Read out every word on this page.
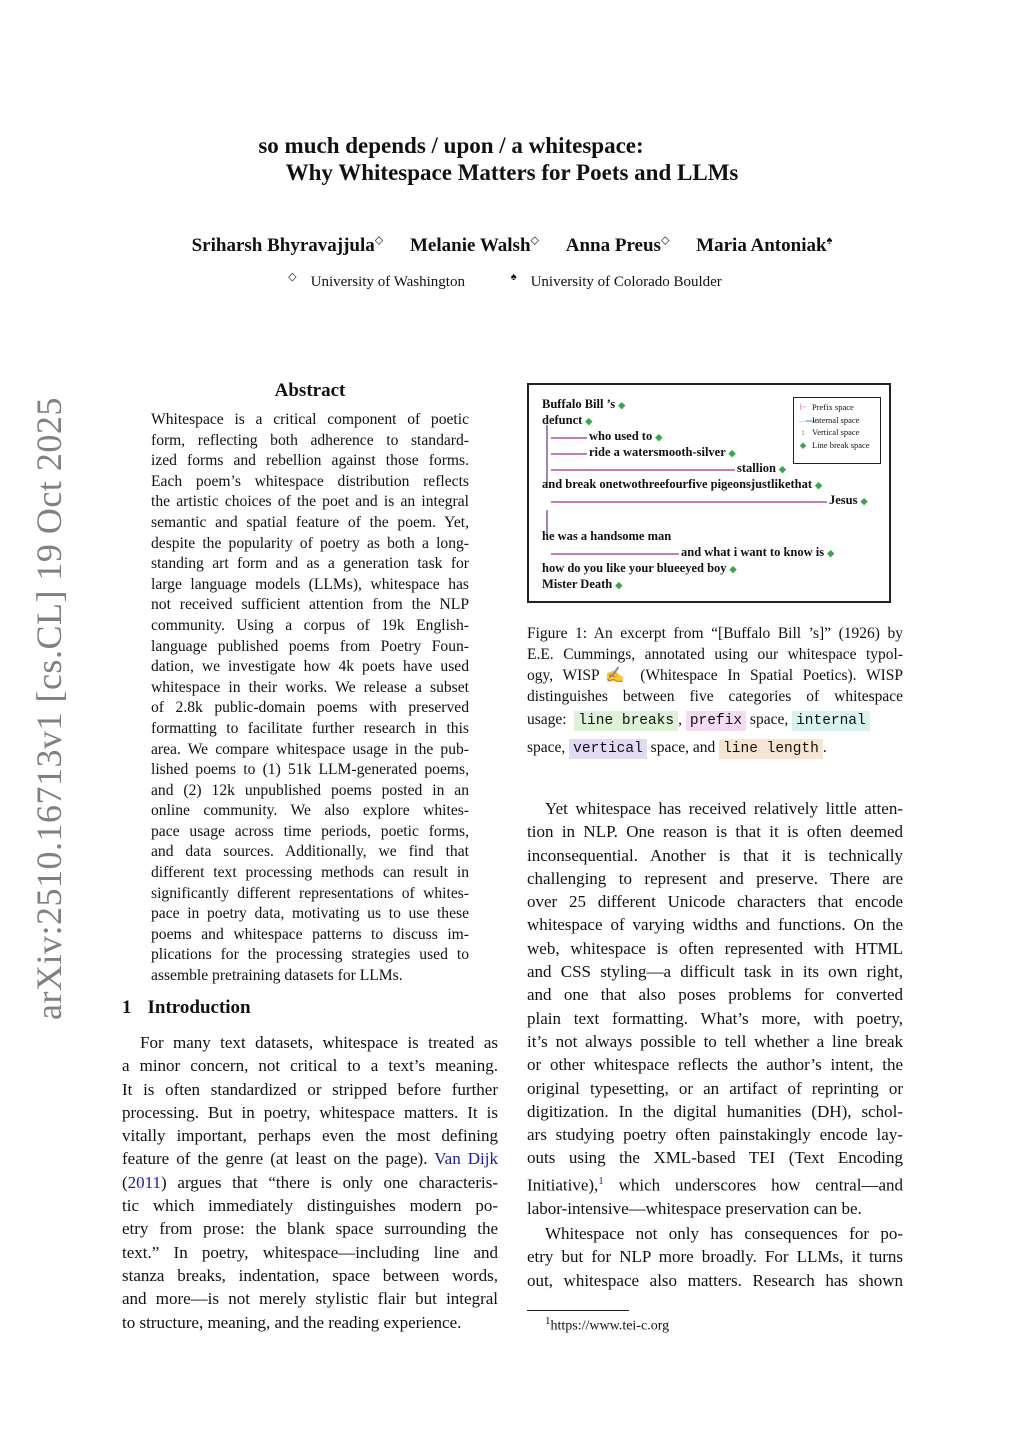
so much depends / upon / a whitespace:
Why Whitespace Matters for Poets and LLMs
Sriharsh Bhyravajjula◇ Melanie Walsh◇ Anna Preus◇ Maria Antoniak♠
◇ University of Washington	♠ University of Colorado Boulder
arXiv:2510.16713v1 [cs.CL] 19 Oct 2025
Abstract
Whitespace is a critical component of poetic
form, reflecting both adherence to standard-
ized forms and rebellion against those forms.
Each poem’s whitespace distribution reflects
the artistic choices of the poet and is an integral
semantic and spatial feature of the poem. Yet,
despite the popularity of poetry as both a long-
standing art form and as a generation task for
large language models (LLMs), whitespace has
not received sufficient attention from the NLP
community. Using a corpus of 19k English-
language published poems from Poetry Foun-
dation, we investigate how 4k poets have used
whitespace in their works. We release a subset
of 2.8k public-domain poems with preserved
formatting to facilitate further research in this
area. We compare whitespace usage in the pub-
lished poems to (1) 51k LLM-generated poems,
and (2) 12k unpublished poems posted in an
online community. We also explore whites-
pace usage across time periods, poetic forms,
and data sources. Additionally, we find that
different text processing methods can result in
significantly different representations of whites-
pace in poetry data, motivating us to use these
poems and whitespace patterns to discuss im-
plications for the processing strategies used to
assemble pretraining datasets for LLMs.
1 Introduction
For many text datasets, whitespace is treated as
a minor concern, not critical to a text’s meaning.
It is often standardized or stripped before further
processing. But in poetry, whitespace matters. It is
vitally important, perhaps even the most defining
feature of the genre (at least on the page). Van Dijk
(2011) argues that “there is only one characteris-
tic which immediately distinguishes modern po-
etry from prose: the blank space surrounding the
text.” In poetry, whitespace—including line and
stanza breaks, indentation, space between words,
and more—is not merely stylistic flair but integral
to structure, meaning, and the reading experience.
Buffalo Bill ’s ◆
defunct ◆
who used to ◆
ride a watersmooth-silver ◆
stallion ◆
and break onetwothreefourfive pigeonsjustlikethat ◆
Jesus ◆
he was a handsome man
and what i want to know is ◆
how do you like your blueeyed boy ◆
Mister Death ◆
⊢ Prefix space
— Internal space
↕ Vertical space
◆ Line break space
Figure 1: An excerpt from “[Buffalo Bill ’s]” (1926) by
E.E. Cummings, annotated using our whitespace typol-
ogy, WISP✍ (Whitespace In Spatial Poetics). WISP
distinguishes between five categories of whitespace
usage: line breaks , prefix space, internal
space, vertical space, and line length .
Yet whitespace has received relatively little atten-
tion in NLP. One reason is that it is often deemed
inconsequential. Another is that it is technically
challenging to represent and preserve. There are
over 25 different Unicode characters that encode
whitespace of varying widths and functions. On the
web, whitespace is often represented with HTML
and CSS styling—a difficult task in its own right,
and one that also poses problems for converted
plain text formatting. What’s more, with poetry,
it’s not always possible to tell whether a line break
or other whitespace reflects the author’s intent, the
original typesetting, or an artifact of reprinting or
digitization. In the digital humanities (DH), schol-
ars studying poetry often painstakingly encode lay-
outs using the XML-based TEI (Text Encoding
Initiative),$^1$ which underscores how central—and
labor-intensive—whitespace preservation can be.
Whitespace not only has consequences for po-
etry but for NLP more broadly. For LLMs, it turns
out, whitespace also matters. Research has shown
$^1$https://www.tei-c.org
